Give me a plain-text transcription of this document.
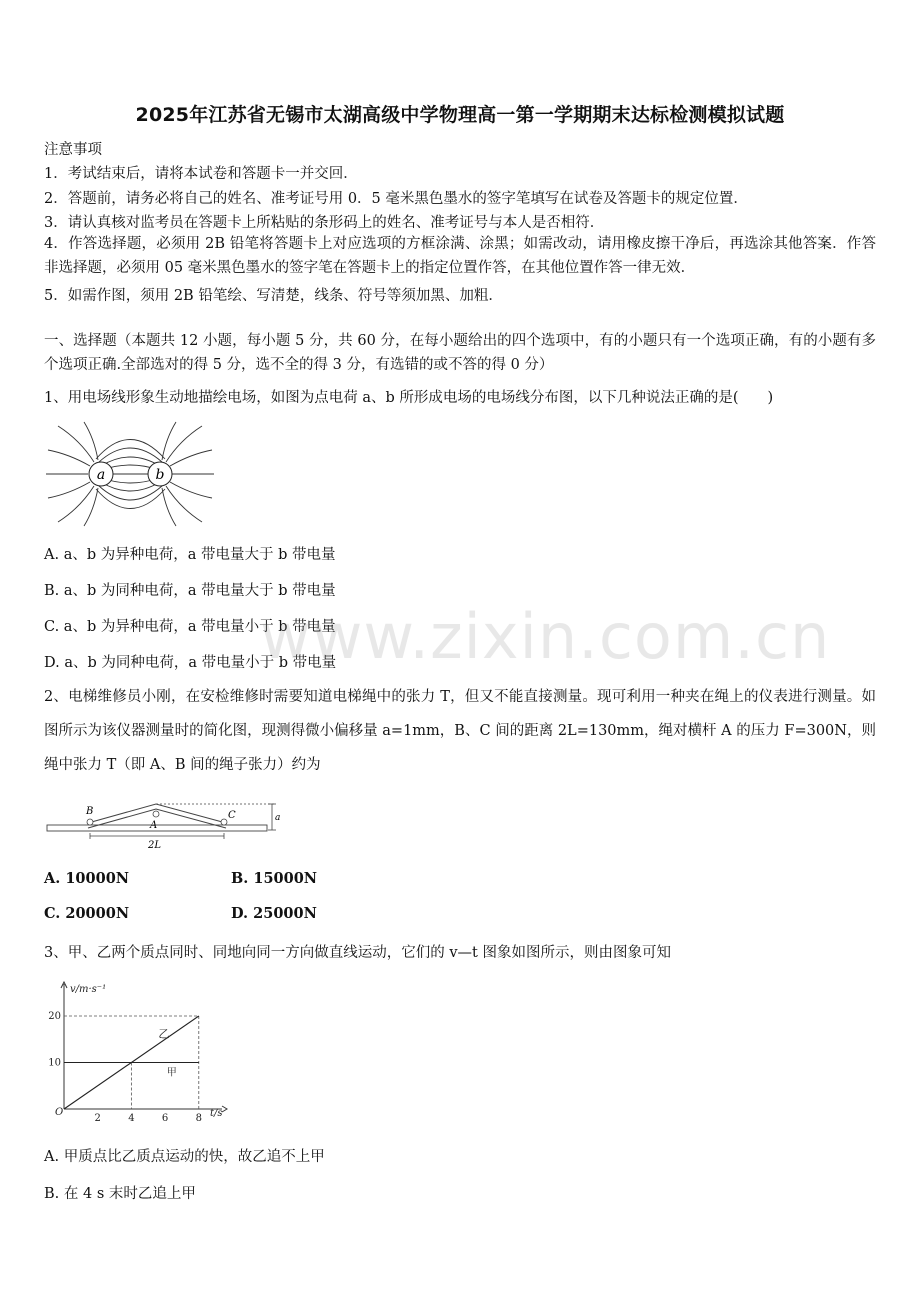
2025年江苏省无锡市太湖高级中学物理高一第一学期期末达标检测模拟试题
注意事项
1．考试结束后，请将本试卷和答题卡一并交回．
2．答题前，请务必将自己的姓名、准考证号用 0．5 毫米黑色墨水的签字笔填写在试卷及答题卡的规定位置．
3．请认真核对监考员在答题卡上所粘贴的条形码上的姓名、准考证号与本人是否相符．
4．作答选择题，必须用 2B 铅笔将答题卡上对应选项的方框涂满、涂黑；如需改动，请用橡皮擦干净后，再选涂其他答案．作答非选择题，必须用 05 毫米黑色墨水的签字笔在答题卡上的指定位置作答，在其他位置作答一律无效．
5．如需作图，须用 2B 铅笔绘、写清楚，线条、符号等须加黑、加粗．
一、选择题（本题共 12 小题，每小题 5 分，共 60 分，在每小题给出的四个选项中，有的小题只有一个选项正确，有的小题有多个选项正确.全部选对的得 5 分，选不全的得 3 分，有选错的或不答的得 0 分）
1、用电场线形象生动地描绘电场，如图为点电荷 a、b 所形成电场的电场线分布图，以下几种说法正确的是(　　)
a	b
A. a、b 为异种电荷，a 带电量大于 b 带电量
B. a、b 为同种电荷，a 带电量大于 b 带电量
C. a、b 为异种电荷，a 带电量小于 b 带电量
D. a、b 为同种电荷，a 带电量小于 b 带电量
2、电梯维修员小刚，在安检维修时需要知道电梯绳中的张力 T，但又不能直接测量。现可利用一种夹在绳上的仪表进行测量。如图所示为该仪器测量时的简化图，现测得微小偏移量 a=1mm，B、C 间的距离 2L=130mm，绳对横杆 A 的压力 F=300N，则绳中张力 T（即 A、B 间的绳子张力）约为
B
A
C	a
2L
A. 10000N	B. 15000N
C. 20000N	D. 25000N
3、甲、乙两个质点同时、同地向同一方向做直线运动，它们的 v—t 图象如图所示，则由图象可知
2	4	6	8
10
20
O
v/m·s⁻¹
t/s
甲
乙
A. 甲质点比乙质点运动的快，故乙追不上甲
B. 在 4 s 末时乙追上甲
www.zixin.com.cn
